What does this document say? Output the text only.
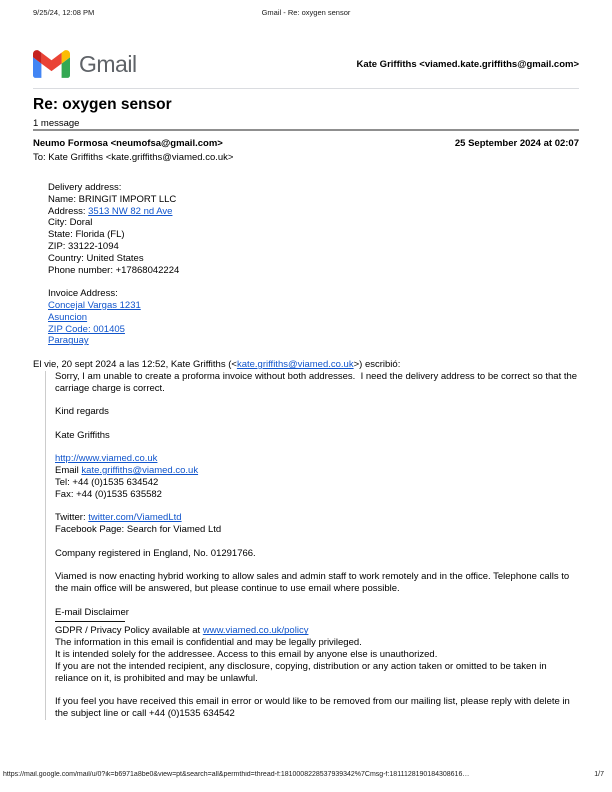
Gmail - Re: oxygen sensor
9/25/24, 12:08 PM
Gmail	Kate Griffiths <viamed.kate.griffiths@gmail.com>
Re: oxygen sensor
1 message
Neumo Formosa <neumofsa@gmail.com>	25 September 2024 at 02:07
To: Kate Griffiths <kate.griffiths@viamed.co.uk>
Delivery address:
Name: BRINGIT IMPORT LLC
Address: 3513 NW 82 nd Ave
City: Doral
State: Florida (FL)
ZIP: 33122-1094
Country: United States
Phone number: +17868042224
Invoice Address:
Concejal Vargas 1231
Asuncion
ZIP Code: 001405
Paraguay
El vie, 20 sept 2024 a las 12:52, Kate Griffiths (<kate.griffiths@viamed.co.uk>) escribió:
Sorry, I am unable to create a proforma invoice without both addresses.  I need the delivery address to be correct so that the carriage charge is correct.
Kind regards
Kate Griffiths
http://www.viamed.co.uk
Email kate.griffiths@viamed.co.uk
Tel: +44 (0)1535 634542
Fax: +44 (0)1535 635582
Twitter: twitter.com/ViamedLtd
Facebook Page: Search for Viamed Ltd
Company registered in England, No. 01291766.
Viamed is now enacting hybrid working to allow sales and admin staff to work remotely and in the office. Telephone calls to the main office will be answered, but please continue to use email where possible.
E-mail Disclaimer
GDPR / Privacy Policy available at www.viamed.co.uk/policy
The information in this email is confidential and may be legally privileged.
It is intended solely for the addressee. Access to this email by anyone else is unauthorized.
If you are not the intended recipient, any disclosure, copying, distribution or any action taken or omitted to be taken in reliance on it, is prohibited and may be unlawful.
If you feel you have received this email in error or would like to be removed from our mailing list, please reply with delete in the subject line or call +44 (0)1535 634542
https://mail.google.com/mail/u/0?ik=b6971a8be0&view=pt&search=all&permthid=thread-f:1810008228537939342%7Cmsg-f:1811128190184308616…	1/7
